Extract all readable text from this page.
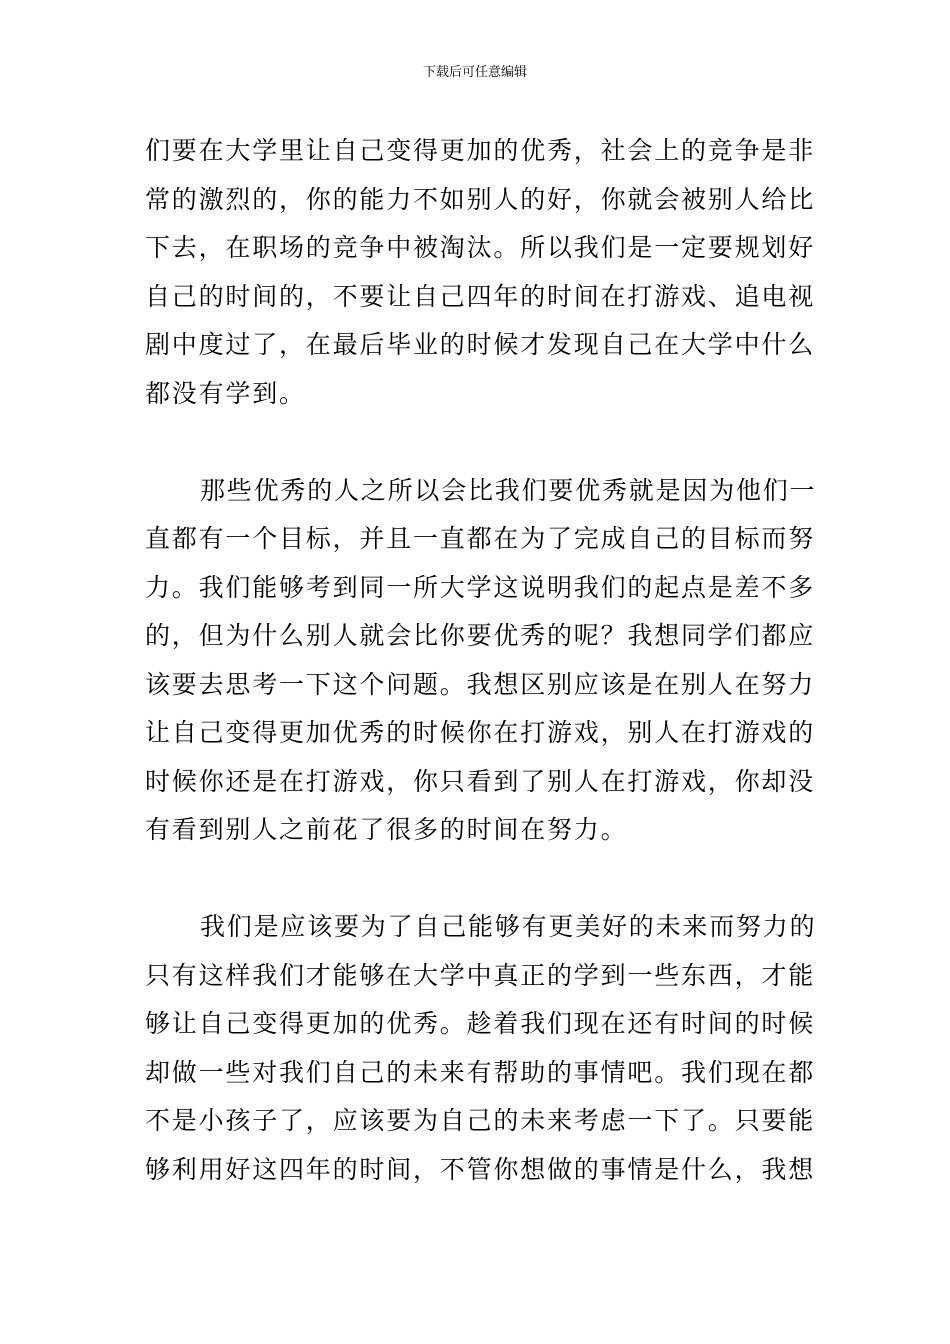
下载后可任意编辑

们要在大学里让自己变得更加的优秀，社会上的竞争是非
常的激烈的，你的能力不如别人的好，你就会被别人给比
下去，在职场的竞争中被淘汰。所以我们是一定要规划好
自己的时间的，不要让自己四年的时间在打游戏、追电视
剧中度过了，在最后毕业的时候才发现自己在大学中什么
都没有学到。

那些优秀的人之所以会比我们要优秀就是因为他们一
直都有一个目标，并且一直都在为了完成自己的目标而努
力。我们能够考到同一所大学这说明我们的起点是差不多
的，但为什么别人就会比你要优秀的呢？我想同学们都应
该要去思考一下这个问题。我想区别应该是在别人在努力
让自己变得更加优秀的时候你在打游戏，别人在打游戏的
时候你还是在打游戏，你只看到了别人在打游戏，你却没
有看到别人之前花了很多的时间在努力。

我们是应该要为了自己能够有更美好的未来而努力的
只有这样我们才能够在大学中真正的学到一些东西，才能
够让自己变得更加的优秀。趁着我们现在还有时间的时候
却做一些对我们自己的未来有帮助的事情吧。我们现在都
不是小孩子了，应该要为自己的未来考虑一下了。只要能
够利用好这四年的时间，不管你想做的事情是什么，我想
